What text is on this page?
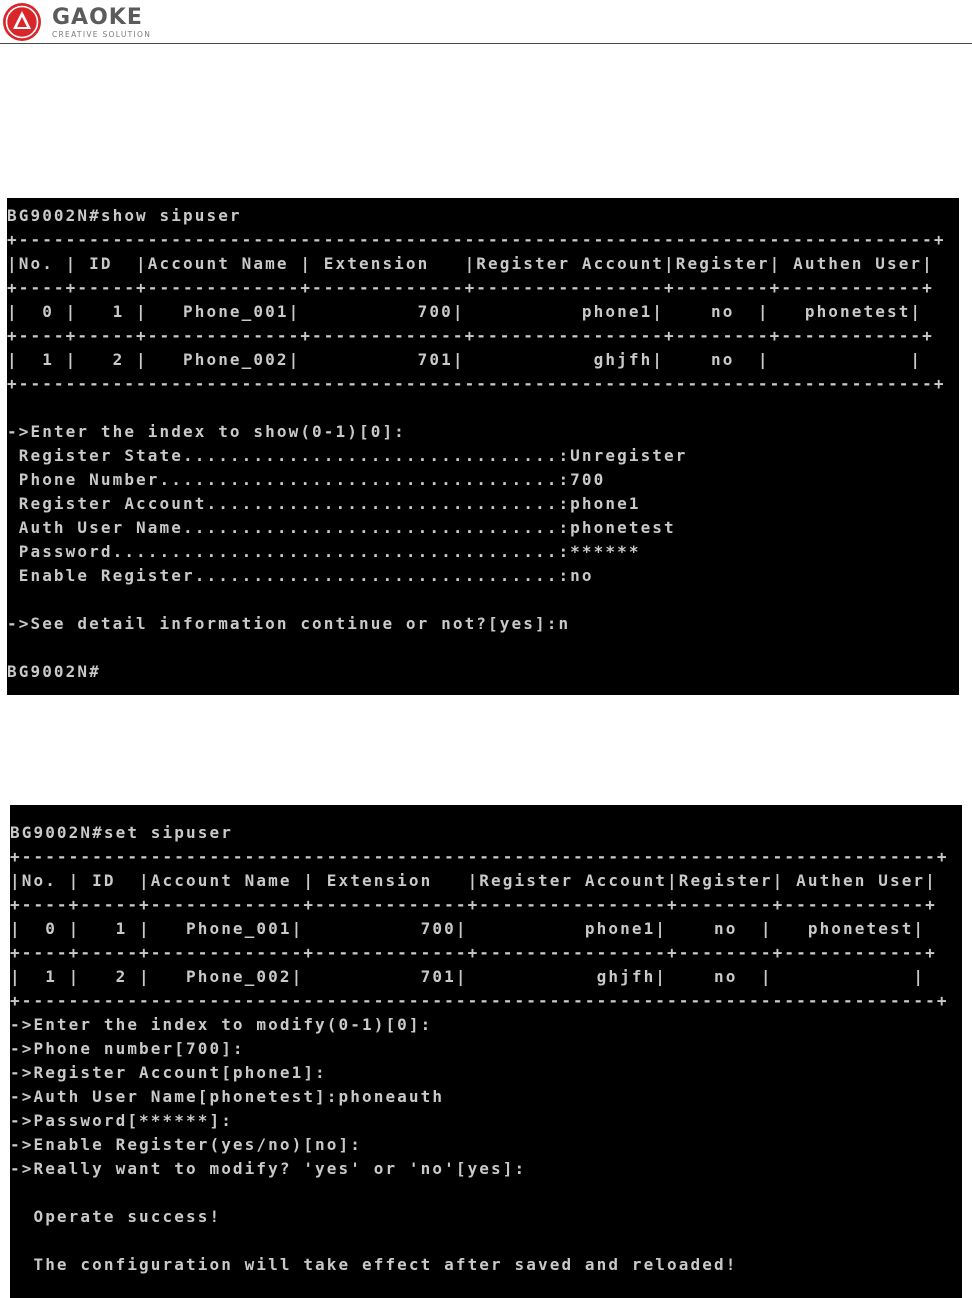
GAOKE
CREATIVE SOLUTION
BG9002N#show sipuser
+------------------------------------------------------------------------------+
|No. | ID  |Account Name | Extension   |Register Account|Register| Authen User|
+----+-----+-------------+-------------+----------------+--------+------------+
|  0 |   1 |   Phone_001|          700|          phone1|    no  |   phonetest|
+----+-----+-------------+-------------+----------------+--------+------------+
|  1 |   2 |   Phone_002|          701|           ghjfh|    no  |            |
+------------------------------------------------------------------------------+
->Enter the index to show(0-1)[0]:
Register State................................:Unregister
Phone Number..................................:700
Register Account..............................:phone1
Auth User Name................................:phonetest
Password......................................:******
Enable Register...............................:no
->See detail information continue or not?[yes]:n
BG9002N#
BG9002N#set sipuser
+------------------------------------------------------------------------------+
|No. | ID  |Account Name | Extension   |Register Account|Register| Authen User|
+----+-----+-------------+-------------+----------------+--------+------------+
|  0 |   1 |   Phone_001|          700|          phone1|    no  |   phonetest|
+----+-----+-------------+-------------+----------------+--------+------------+
|  1 |   2 |   Phone_002|          701|           ghjfh|    no  |            |
+------------------------------------------------------------------------------+
->Enter the index to modify(0-1)[0]:
->Phone number[700]:
->Register Account[phone1]:
->Auth User Name[phonetest]:phoneauth
->Password[******]:
->Enable Register(yes/no)[no]:
->Really want to modify? 'yes' or 'no'[yes]:
Operate success!
The configuration will take effect after saved and reloaded!
